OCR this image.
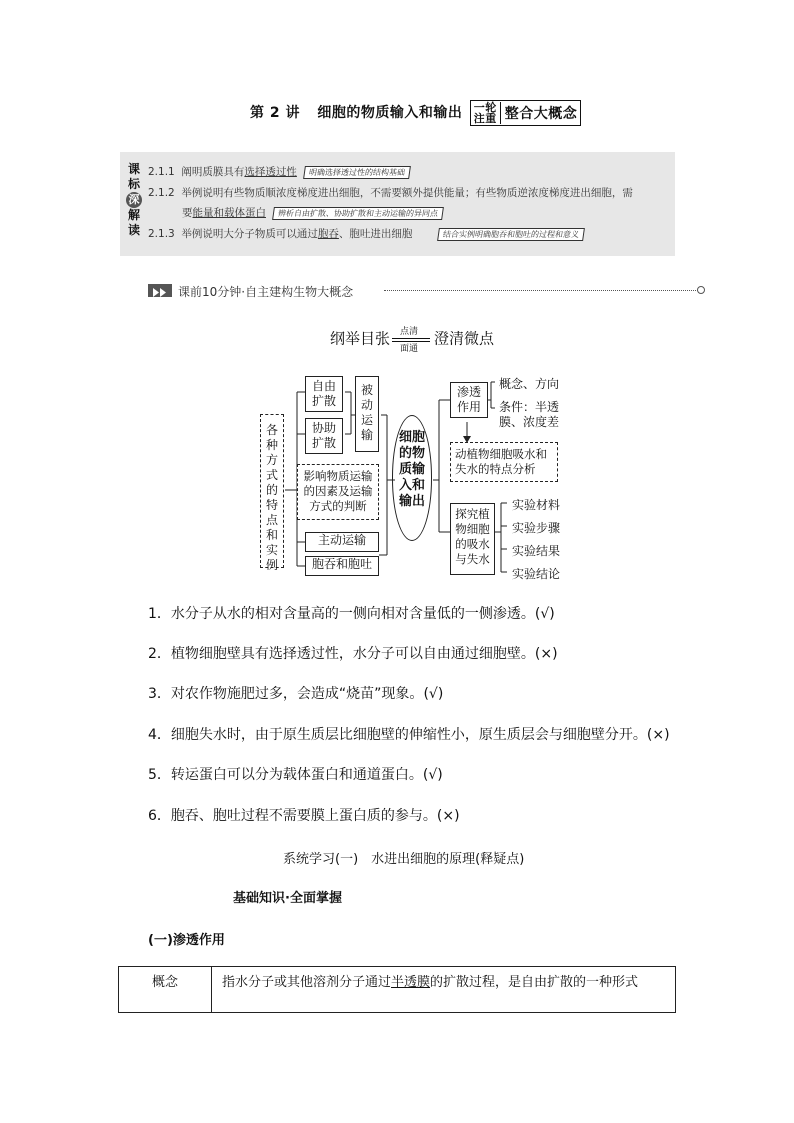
第 2 讲 细胞的物质输入和输出 一轮
注重 整合大概念
课
标
深
解
读
2.1.1 阐明质膜具有选择透过性 明确选择透过性的结构基础
2.1.2 举例说明有些物质顺浓度梯度进出细胞，不需要额外提供能量；有些物质逆浓度梯度进出细胞，需
要能量和载体蛋白 辨析自由扩散、协助扩散和主动运输的异同点
2.1.3 举例说明大分子物质可以通过胞吞、胞吐进出细胞	结合实例明确胞吞和胞吐的过程和意义
课前10分钟·自主建构生物大概念
纲举目张 点清
面通
澄清微点
各种方式的特点和实例
自由扩散
协助扩散
被动运输
影响物质运输的因素及运输方式的判断
主动运输
胞吞和胞吐
细胞的物质输入和输出
渗透作用
概念、方向
条件：半透膜、浓度差
动植物细胞吸水和失水的特点分析
探究植物细胞的吸水与失水
实验材料
实验步骤
实验结果
实验结论
1．水分子从水的相对含量高的一侧向相对含量低的一侧渗透。(√)
2．植物细胞壁具有选择透过性，水分子可以自由通过细胞壁。(×)
3．对农作物施肥过多，会造成“烧苗”现象。(√)
4．细胞失水时，由于原生质层比细胞壁的伸缩性小，原生质层会与细胞壁分开。(×)
5．转运蛋白可以分为载体蛋白和通道蛋白。(√)
6．胞吞、胞吐过程不需要膜上蛋白质的参与。(×)
系统学习(一)　水进出细胞的原理(释疑点)
基础知识·全面掌握
(一)渗透作用
概念	指水分子或其他溶剂分子通过半透膜的扩散过程，是自由扩散的一种形式
